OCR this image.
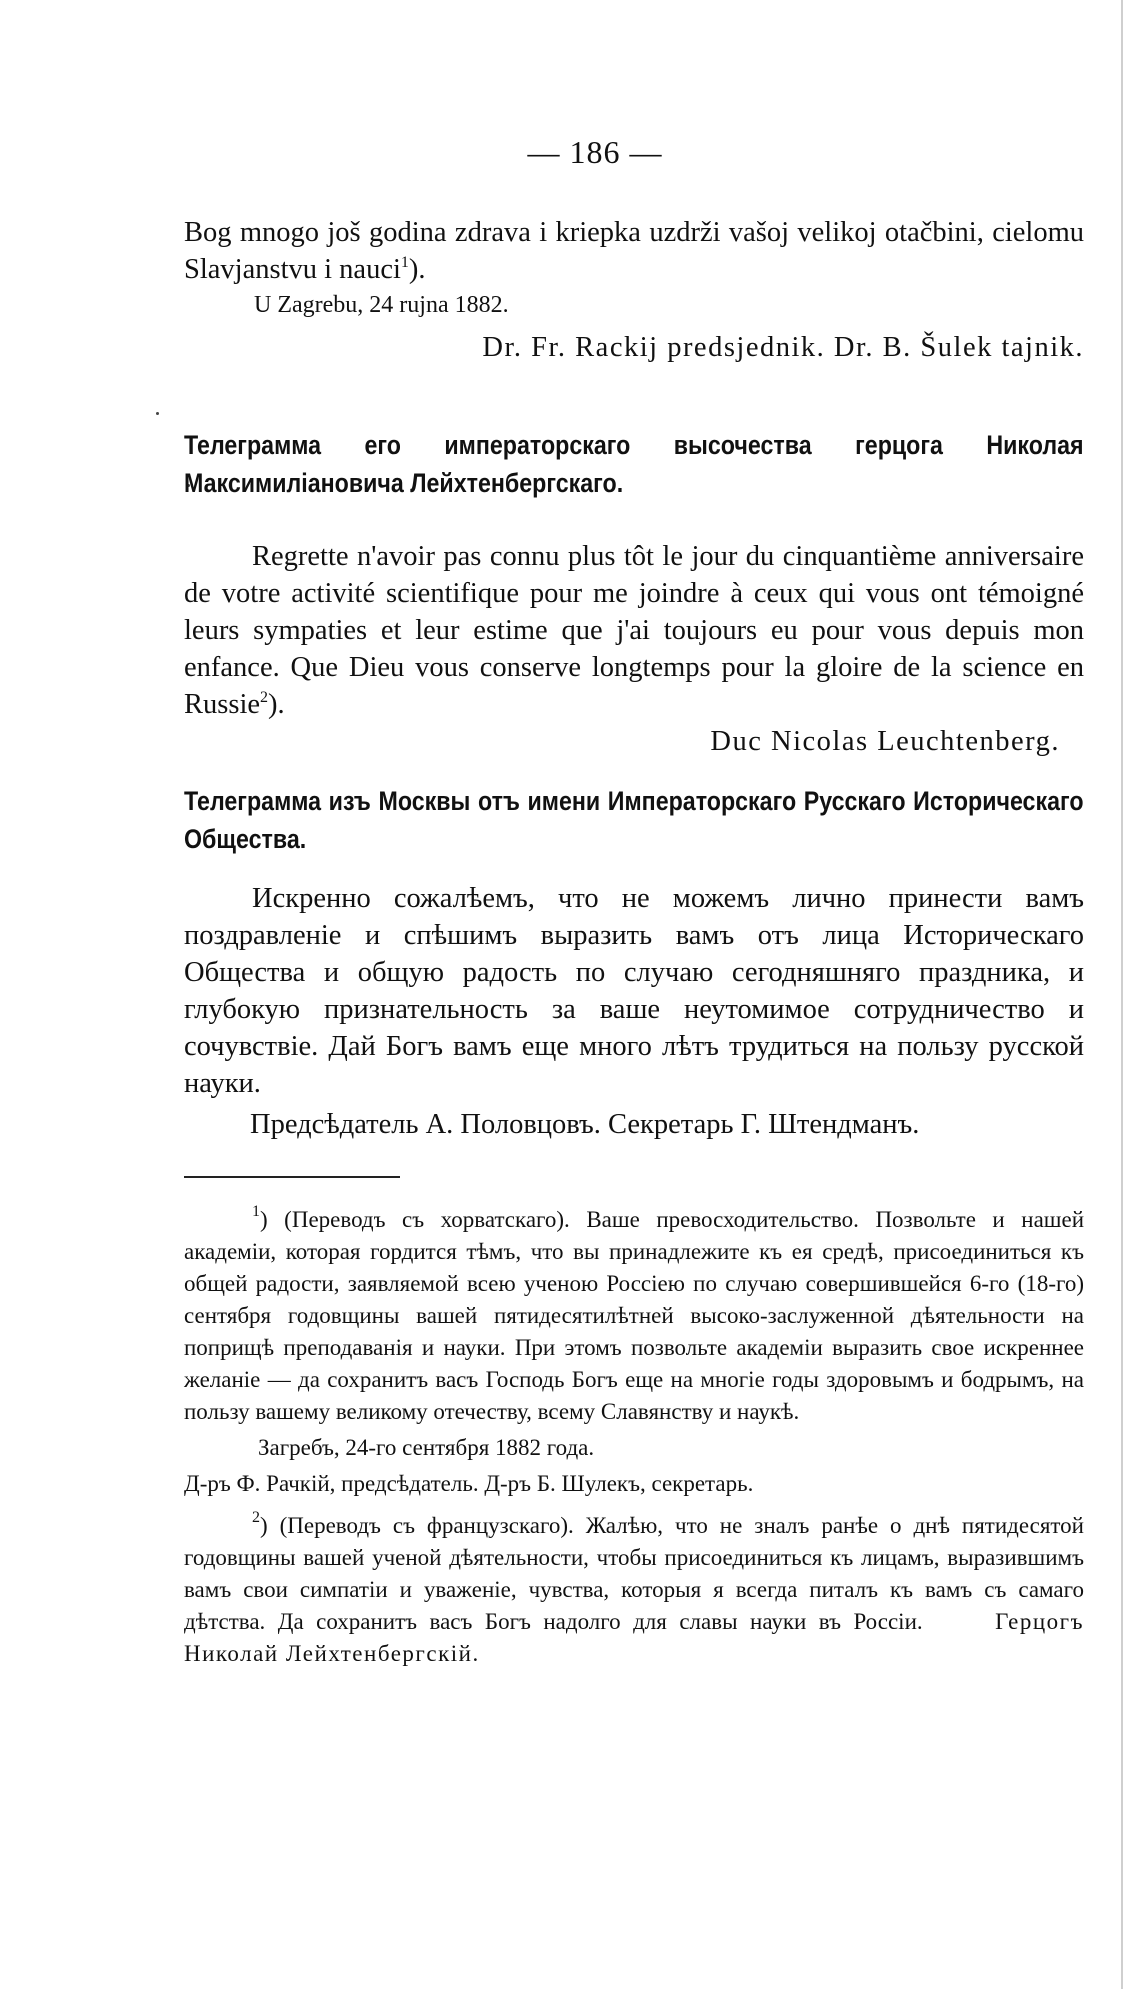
— 186 —

Bog mnogo još godina zdrava i kriepka uzdrži vašoj velikoj otačbini, cielomu Slavjanstvu i nauci$^1$).

U Zagrebu, 24 rujna 1882.
Dr. Fr. Rackij predsjednik. Dr. B. Šulek tajnik.
Телеграмма его императорскаго высочества герцога Николая Максимиліановича Лейхтенбергскаго.

Regrette n'avoir pas connu plus tôt le jour du cinquantième anniversaire de votre activité scientifique pour me joindre à ceux qui vous ont témoigné leurs sympaties et leur estime que j'ai toujours eu pour vous depuis mon enfance. Que Dieu vous conserve longtemps pour la gloire de la science en Russie$^2$).

Duc Nicolas Leuchtenberg.
Телеграмма изъ Москвы отъ имени Императорскаго Русскаго Историческаго Общества.

Искренно сожалѣемъ, что не можемъ лично принести вамъ поздравленіе и спѣшимъ выразить вамъ отъ лица Историческаго Общества и общую радость по случаю сегодняшняго праздника, и глубокую признательность за ваше неутомимое сотрудничество и сочувствіе. Дай Богъ вамъ еще много лѣтъ трудиться на пользу русской науки.

Предсѣдатель А. Половцовъ. Секретарь Г. Штендманъ.

$^1$) (Переводъ съ хорватскаго). Ваше превосходительство. Позвольте и нашей академіи, которая гордится тѣмъ, что вы принадлежите къ ея средѣ, присоединиться къ общей радости, заявляемой всею ученою Россіею по случаю совершившейся 6-го (18-го) сентября годовщины вашей пятидесятилѣтней высоко-заслуженной дѣятельности на поприщѣ преподаванія и науки. При этомъ позвольте академіи выразить свое искреннее желаніе — да сохранитъ васъ Господь Богъ еще на многіе годы здоровымъ и бодрымъ, на пользу вашему великому отечеству, всему Славянству и наукѣ.

Загребъ, 24-го сентября 1882 года.
Д-ръ Ф. Рачкій, предсѣдатель. Д-ръ Б. Шулекъ, секретарь.

$^2$) (Переводъ съ французскаго). Жалѣю, что не зналъ ранѣе о днѣ пятидесятой годовщины вашей ученой дѣятельности, чтобы присоединиться къ лицамъ, выразившимъ вамъ свои симпатіи и уваженіе, чувства, которыя я всегда питалъ къ вамъ съ самаго дѣтства. Да сохранитъ васъ Богъ надолго для славы науки въ Россіи.	Герцогъ Николай Лейхтенбергскій.
